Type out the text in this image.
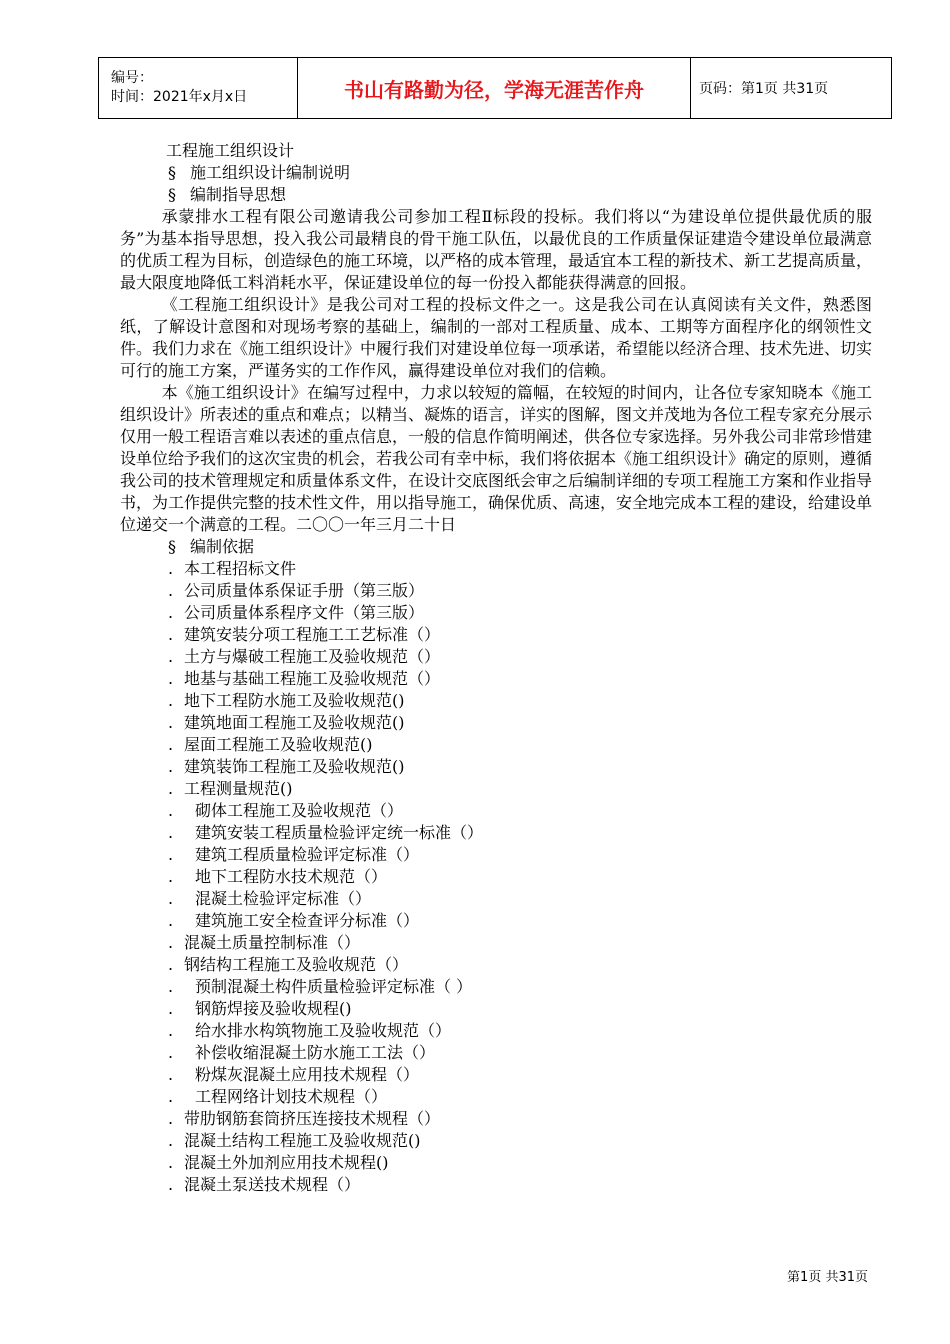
编号：
时间：2021年x月x日	书山有路勤为径，学海无涯苦作舟	页码：第1页 共31页

工程施工组织设计

§ 施工组织设计编制说明

§ 编制指导思想

承蒙排水工程有限公司邀请我公司参加工程Ⅱ标段的投标。我们将以“为建设单位提供最优质的服务”为基本指导思想，投入我公司最精良的骨干施工队伍，以最优良的工作质量保证建造令建设单位最满意的优质工程为目标，创造绿色的施工环境，以严格的成本管理，最适宜本工程的新技术、新工艺提高质量，最大限度地降低工料消耗水平，保证建设单位的每一份投入都能获得满意的回报。

《工程施工组织设计》是我公司对工程的投标文件之一。这是我公司在认真阅读有关文件，熟悉图纸，了解设计意图和对现场考察的基础上，编制的一部对工程质量、成本、工期等方面程序化的纲领性文件。我们力求在《施工组织设计》中履行我们对建设单位每一项承诺，希望能以经济合理、技术先进、切实可行的施工方案，严谨务实的工作作风，赢得建设单位对我们的信赖。

本《施工组织设计》在编写过程中，力求以较短的篇幅，在较短的时间内，让各位专家知晓本《施工组织设计》所表述的重点和难点；以精当、凝炼的语言，详实的图解，图文并茂地为各位工程专家充分展示仅用一般工程语言难以表述的重点信息，一般的信息作简明阐述，供各位专家选择。另外我公司非常珍惜建设单位给予我们的这次宝贵的机会，若我公司有幸中标，我们将依据本《施工组织设计》确定的原则，遵循我公司的技术管理规定和质量体系文件，在设计交底图纸会审之后编制详细的专项工程施工方案和作业指导书，为工作提供完整的技术性文件，用以指导施工，确保优质、高速，安全地完成本工程的建设，给建设单位递交一个满意的工程。二〇〇一年三月二十日

§ 编制依据

. 本工程招标文件

. 公司质量体系保证手册（第三版）

. 公司质量体系程序文件（第三版）

. 建筑安装分项工程施工工艺标准（）

. 土方与爆破工程施工及验收规范（）

. 地基与基础工程施工及验收规范（）

. 地下工程防水施工及验收规范()

. 建筑地面工程施工及验收规范()

. 屋面工程施工及验收规范()

. 建筑装饰工程施工及验收规范()

. 工程测量规范()

. 砌体工程施工及验收规范（）

. 建筑安装工程质量检验评定统一标准（）

. 建筑工程质量检验评定标准（）

. 地下工程防水技术规范（）

. 混凝土检验评定标准（）

. 建筑施工安全检查评分标准（）

. 混凝土质量控制标准（）

. 钢结构工程施工及验收规范（）

. 预制混凝土构件质量检验评定标准（ ）

. 钢筋焊接及验收规程()

. 给水排水构筑物施工及验收规范（）

. 补偿收缩混凝土防水施工工法（）

. 粉煤灰混凝土应用技术规程（）

. 工程网络计划技术规程（）

. 带肋钢筋套筒挤压连接技术规程（）

. 混凝土结构工程施工及验收规范()

. 混凝土外加剂应用技术规程()

. 混凝土泵送技术规程（）

第1页 共31页
